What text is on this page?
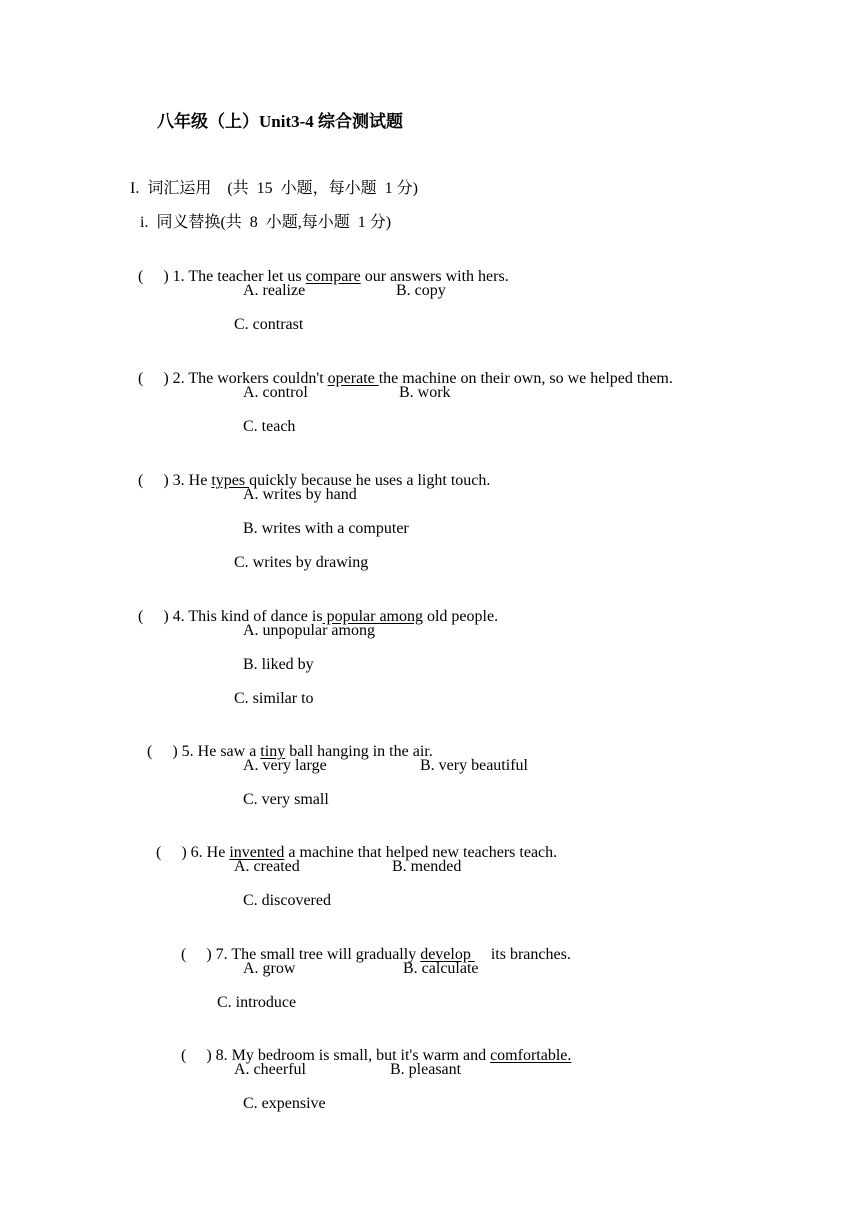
八年级（上）Unit3-4 综合测试题
I.  词汇运用    (共  15  小题，每小题  1 分)
i.  同义替换(共  8  小题,每小题  1 分)

(     ) 1. The teacher let us compare our answers with hers.

A. realize	B. copy
C. contrast

(     ) 2. The workers couldn't operate the machine on their own, so we helped them.

A. control	B. work
C. teach

(     ) 3. He types quickly because he uses a light touch.

A. writes by hand
B. writes with a computer
C. writes by drawing

(     ) 4. This kind of dance is popular among old people.

A. unpopular among
B. liked by
C. similar to

(     ) 5. He saw a tiny ball hanging in the air.

A. very large	B. very beautiful
C. very small

(     ) 6. He invented a machine that helped new teachers teach.

A. created	B. mended
C. discovered

(     ) 7. The small tree will gradually develop     its branches.

A. grow	B. calculate
C. introduce

(     ) 8. My bedroom is small, but it's warm and comfortable.

A. cheerful	B. pleasant
C. expensive
